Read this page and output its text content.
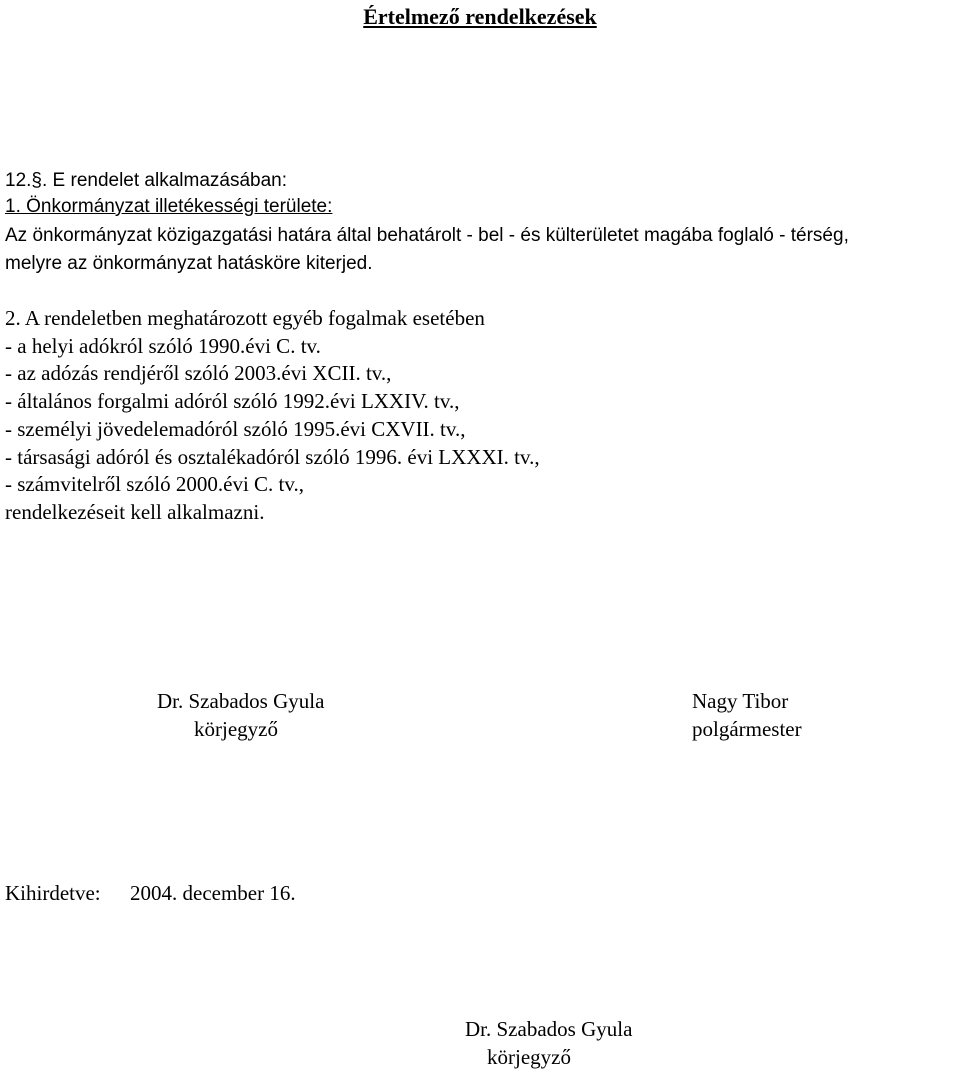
Értelmező rendelkezések
12.§. E rendelet alkalmazásában:
1. Önkormányzat illetékességi területe:
Az önkormányzat közigazgatási határa által behatárolt - bel - és külterületet magába foglaló - térség,
melyre az önkormányzat hatásköre kiterjed.
2. A rendeletben meghatározott egyéb fogalmak esetében
- a helyi adókról szóló 1990.évi C. tv.
- az adózás rendjéről szóló 2003.évi XCII. tv.,
- általános forgalmi adóról szóló 1992.évi LXXIV. tv.,
- személyi jövedelemadóról szóló 1995.évi CXVII. tv.,
- társasági adóról és osztalékadóról szóló 1996. évi LXXXI. tv.,
- számvitelről szóló 2000.évi C. tv.,
rendelkezéseit kell alkalmazni.
Dr. Szabados Gyula
körjegyző
Nagy Tibor
polgármester
Kihirdetve: 2004. december 16.
Dr. Szabados Gyula
körjegyző
